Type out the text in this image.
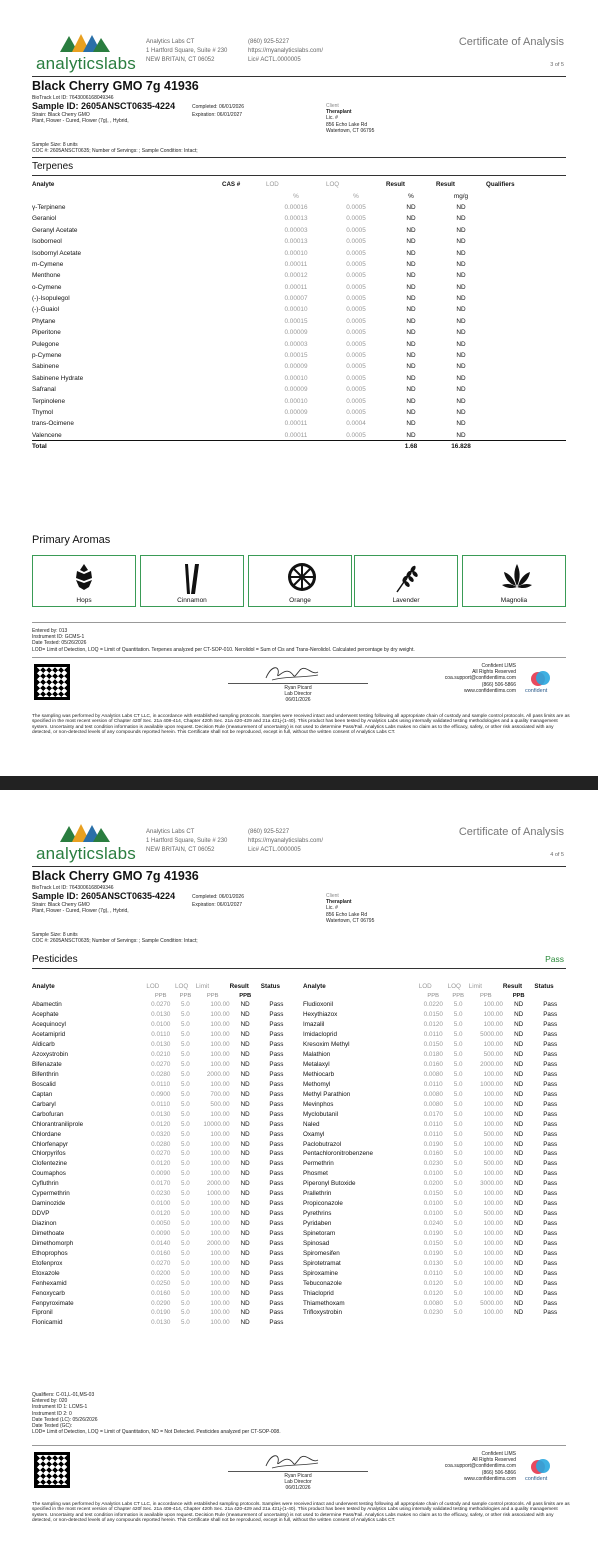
analyticslabs
Analytics Labs CT
1 Hartford Square, Suite # 230
NEW BRITAIN, CT 06052
(860) 925-5227
https://myanalyticslabs.com/
Lic# ACTL.0000005
Certificate of Analysis
3 of 5
Black Cherry GMO 7g 41936
BioTrack Lot ID: 7643006168049346
Sample ID: 2605ANSCT0635-4224
Strain: Black Cherry GMO
Plant, Flower - Cured, Flower (7g), , Hybrid,
Completed: 06/01/2026
Expiration: 06/01/2027
Client
Theraplant
Lic. #
856 Echo Lake Rd
Watertown, CT 06795
Sample Size: 8 units
COC #: 2605ANSCT0635; Number of Servings: ; Sample Condition: Intact;
Terpenes
Analyte	CAS #	LOD	LOQ	Result	Result	Qualifiers
		%	%	%	mg/g	
γ-Terpinene		0.00016	0.0005	ND	ND	
Geraniol		0.00013	0.0005	ND	ND	
Geranyl Acetate		0.00003	0.0005	ND	ND	
Isoborneol		0.00013	0.0005	ND	ND	
Isobornyl Acetate		0.00010	0.0005	ND	ND	
m-Cymene		0.00011	0.0005	ND	ND	
Menthone		0.00012	0.0005	ND	ND	
o-Cymene		0.00011	0.0005	ND	ND	
(-)-Isopulegol		0.00007	0.0005	ND	ND	
(-)-Guaiol		0.00010	0.0005	ND	ND	
Phytane		0.00015	0.0005	ND	ND	
Piperitone		0.00009	0.0005	ND	ND	
Pulegone		0.00003	0.0005	ND	ND	
p-Cymene		0.00015	0.0005	ND	ND	
Sabinene		0.00009	0.0005	ND	ND	
Sabinene Hydrate		0.00010	0.0005	ND	ND	
Safranal		0.00009	0.0005	ND	ND	
Terpinolene		0.00010	0.0005	ND	ND	
Thymol		0.00009	0.0005	ND	ND	
trans-Ocimene		0.00011	0.0004	ND	ND	
Valencene		0.00011	0.0005	ND	ND	
Total				1.68	16.828	
Primary Aromas
Hops	Cinnamon	Orange	Lavender	Magnolia
Entered by: 013
Instrument ID: GCMS-1
Date Tested: 05/26/2026
LOD= Limit of Detection, LOQ = Limit of Quantitation. Terpenes analyzed per CT-SOP-010. Nerolidol = Sum of Cis and Trans-Nerolidol. Calculated percentage by dry weight.
Ryan Picard
Lab Director
06/01/2026
Confident LIMS
All Rights Reserved
coa.support@confidentlims.com
(866) 506-5866
www.confidentlims.com confident
The sampling was performed by Analytics Labs CT LLC, in accordance with established sampling protocols. Samples were received intact and underwent testing following all appropriate chain of custody and sample control protocols. All pass limits are as specified in the most recent version of Chapter 420f Sec. 21a 408-414, Chapter 420h Sec. 21a 420-429 and 21a 421j-(1-40). This product has been tested by Analytics Labs using internally validated testing methodologies and a quality management system. Uncertainty and test condition information is available upon request. Decision Rule (measurement of uncertainty) is not used to determine Pass/Fail. Analytics Labs makes no claim as to the efficacy, safety, or other risk associated with any detected, or non-detected levels of any compounds reported herein. This Certificate shall not be reproduced, except in full, without the written consent of Analytics Labs CT.
analyticslabs
Analytics Labs CT
1 Hartford Square, Suite # 230
NEW BRITAIN, CT 06052
(860) 925-5227
https://myanalyticslabs.com/
Lic# ACTL.0000005
Certificate of Analysis
4 of 5
Black Cherry GMO 7g 41936
BioTrack Lot ID: 7643006168049346
Sample ID: 2605ANSCT0635-4224
Strain: Black Cherry GMO
Plant, Flower - Cured, Flower (7g), , Hybrid,
Completed: 06/01/2026
Expiration: 06/01/2027
Client
Theraplant
Lic. #
856 Echo Lake Rd
Watertown, CT 06795
Sample Size: 8 units
COC #: 2605ANSCT0635; Number of Servings: ; Sample Condition: Intact;
Pesticides	Pass
Analyte	LOD	LOQ	Limit	Result	Status
	PPB	PPB	PPB	PPB	
Abamectin	0.0270	5.0	100.00	ND	Pass
Acephate	0.0130	5.0	100.00	ND	Pass
Acequinocyl	0.0100	5.0	100.00	ND	Pass
Acetamiprid	0.0110	5.0	100.00	ND	Pass
Aldicarb	0.0130	5.0	100.00	ND	Pass
Azoxystrobin	0.0210	5.0	100.00	ND	Pass
Bifenazate	0.0270	5.0	100.00	ND	Pass
Bifenthrin	0.0280	5.0	2000.00	ND	Pass
Boscalid	0.0110	5.0	100.00	ND	Pass
Captan	0.0900	5.0	700.00	ND	Pass
Carbaryl	0.0110	5.0	500.00	ND	Pass
Carbofuran	0.0130	5.0	100.00	ND	Pass
Chlorantraniliprole	0.0120	5.0	10000.00	ND	Pass
Chlordane	0.0320	5.0	100.00	ND	Pass
Chlorfenapyr	0.0280	5.0	100.00	ND	Pass
Chlorpyrifos	0.0270	5.0	100.00	ND	Pass
Clofentezine	0.0120	5.0	100.00	ND	Pass
Coumaphos	0.0090	5.0	100.00	ND	Pass
Cyfluthrin	0.0170	5.0	2000.00	ND	Pass
Cypermethrin	0.0230	5.0	1000.00	ND	Pass
Daminozide	0.0100	5.0	100.00	ND	Pass
DDVP	0.0120	5.0	100.00	ND	Pass
Diazinon	0.0050	5.0	100.00	ND	Pass
Dimethoate	0.0090	5.0	100.00	ND	Pass
Dimethomorph	0.0140	5.0	2000.00	ND	Pass
Ethoprophos	0.0160	5.0	100.00	ND	Pass
Etofenprox	0.0270	5.0	100.00	ND	Pass
Etoxazole	0.0200	5.0	100.00	ND	Pass
Fenhexamid	0.0250	5.0	100.00	ND	Pass
Fenoxycarb	0.0160	5.0	100.00	ND	Pass
Fenpyroximate	0.0290	5.0	100.00	ND	Pass
Fipronil	0.0190	5.0	100.00	ND	Pass
Flonicamid	0.0130	5.0	100.00	ND	Pass
Analyte	LOD	LOQ	Limit	Result	Status
	PPB	PPB	PPB	PPB	
Fludioxonil	0.0220	5.0	100.00	ND	Pass
Hexythiazox	0.0150	5.0	100.00	ND	Pass
Imazalil	0.0120	5.0	100.00	ND	Pass
Imidacloprid	0.0110	5.0	5000.00	ND	Pass
Kresoxim Methyl	0.0150	5.0	100.00	ND	Pass
Malathion	0.0180	5.0	500.00	ND	Pass
Metalaxyl	0.0160	5.0	2000.00	ND	Pass
Methiocarb	0.0080	5.0	100.00	ND	Pass
Methomyl	0.0110	5.0	1000.00	ND	Pass
Methyl Parathion	0.0080	5.0	100.00	ND	Pass
Mevinphos	0.0080	5.0	100.00	ND	Pass
Myclobutanil	0.0170	5.0	100.00	ND	Pass
Naled	0.0110	5.0	100.00	ND	Pass
Oxamyl	0.0110	5.0	500.00	ND	Pass
Paclobutrazol	0.0190	5.0	100.00	ND	Pass
Pentachloronitrobenzene	0.0160	5.0	100.00	ND	Pass
Permethrin	0.0230	5.0	500.00	ND	Pass
Phosmet	0.0100	5.0	100.00	ND	Pass
Piperonyl Butoxide	0.0200	5.0	3000.00	ND	Pass
Prallethrin	0.0150	5.0	100.00	ND	Pass
Propiconazole	0.0100	5.0	100.00	ND	Pass
Pyrethrins	0.0100	5.0	500.00	ND	Pass
Pyridaben	0.0240	5.0	100.00	ND	Pass
Spinetoram	0.0190	5.0	100.00	ND	Pass
Spinosad	0.0150	5.0	100.00	ND	Pass
Spiromesifen	0.0190	5.0	100.00	ND	Pass
Spirotetramat	0.0130	5.0	100.00	ND	Pass
Spiroxamine	0.0110	5.0	100.00	ND	Pass
Tebuconazole	0.0120	5.0	100.00	ND	Pass
Thiacloprid	0.0120	5.0	100.00	ND	Pass
Thiamethoxam	0.0080	5.0	5000.00	ND	Pass
Trifloxystrobin	0.0230	5.0	100.00	ND	Pass
Qualifiers: C-01,L-01,MS-03
Entered by: 020
Instrument ID 1: LCMS-1
Instrument ID 2: 0
Date Tested (LC): 05/26/2026
Date Tested (GC):
LOD= Limit of Detection, LOQ = Limit of Quantitation, ND = Not Detected. Pesticides analyzed per CT-SOP-008.
Ryan Picard
Lab Director
06/01/2026
Confident LIMS
All Rights Reserved
coa.support@confidentlims.com
(866) 506-5866
www.confidentlims.com confident
The sampling was performed by Analytics Labs CT LLC, in accordance with established sampling protocols. Samples were received intact and underwent testing following all appropriate chain of custody and sample control protocols. All pass limits are as specified in the most recent version of Chapter 420f Sec. 21a 408-414, Chapter 420h Sec. 21a 420-429 and 21a 421j-(1-40). This product has been tested by Analytics Labs using internally validated testing methodologies and a quality management system. Uncertainty and test condition information is available upon request. Decision Rule (measurement of uncertainty) is not used to determine Pass/Fail. Analytics Labs makes no claim as to the efficacy, safety, or other risk associated with any detected, or non-detected levels of any compounds reported herein. This Certificate shall not be reproduced, except in full, without the written consent of Analytics Labs CT.
